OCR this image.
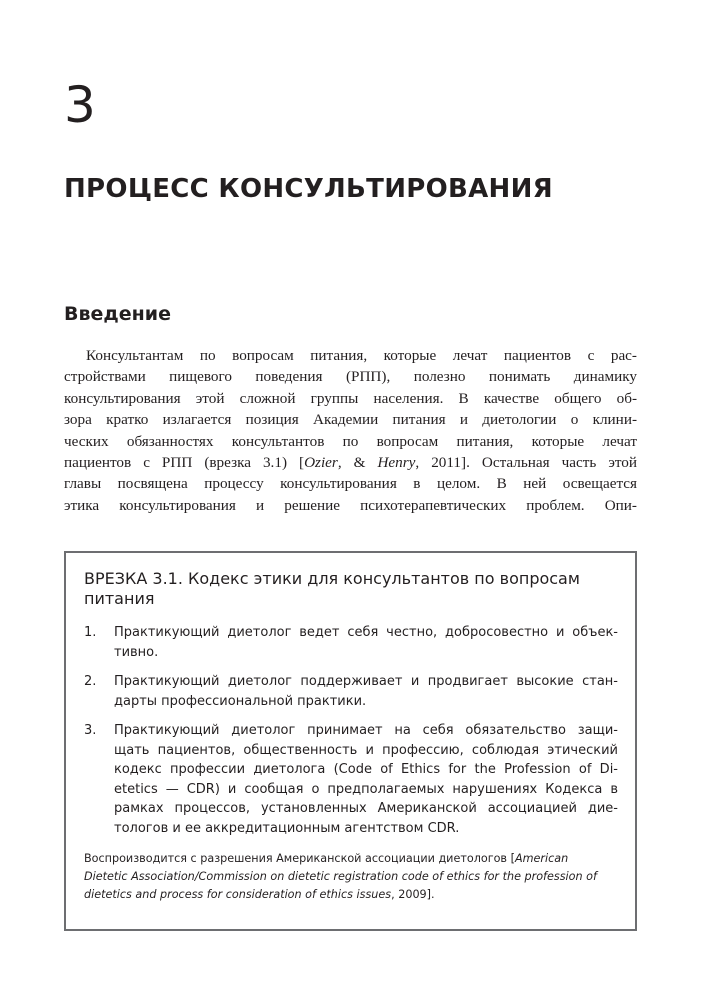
3
ПРОЦЕСС КОНСУЛЬТИРОВАНИЯ
Введение
Консультантам по вопросам питания, которые лечат пациентов с рас-
стройствами пищевого поведения (РПП), полезно понимать динамику
консультирования этой сложной группы населения. В качестве общего об-
зора кратко излагается позиция Академии питания и диетологии о клини-
ческих обязанностях консультантов по вопросам питания, которые лечат
пациентов с РПП (врезка 3.1) [Ozier, & Henry, 2011]. Остальная часть этой
главы посвящена процессу консультирования в целом. В ней освещается
этика консультирования и решение психотерапевтических проблем. Опи-
ВРЕЗКА 3.1. Кодекс этики для консультантов по вопросам
питания
1. Практикующий диетолог ведет себя честно, добросовестно и объек-
тивно.
2. Практикующий диетолог поддерживает и продвигает высокие стан-
дарты профессиональной практики.
3. Практикующий диетолог принимает на себя обязательство защи-
щать пациентов, общественность и профессию, соблюдая этический
кодекс профессии диетолога (Code of Ethics for the Profession of Di-
etetics — CDR) и сообщая о предполагаемых нарушениях Кодекса в
рамках процессов, установленных Американской ассоциацией дие-
тологов и ее аккредитационным агентством CDR.
Воспроизводится с разрешения Американской ассоциации диетологов [American
Dietetic Association/Commission on dietetic registration code of ethics for the profession of
dietetics and process for consideration of ethics issues, 2009].
